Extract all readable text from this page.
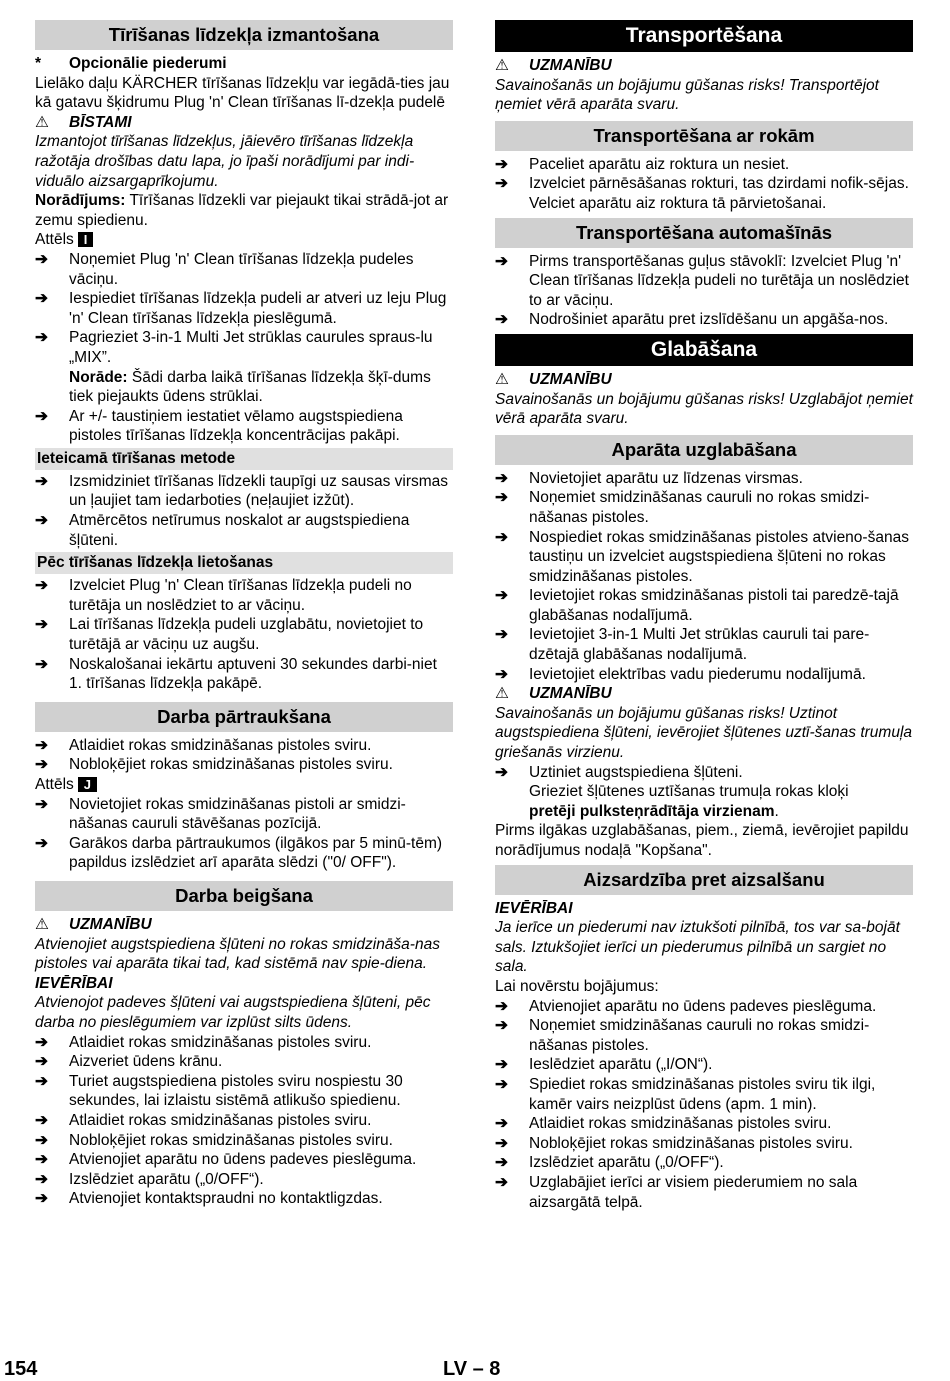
Tīrīšanas līdzekļa izmantošana
*	Opcionālie piederumi

Lielāko daļu KÄRCHER tīrīšanas līdzekļu var iegādā-ties jau kā gatavu šķidrumu Plug 'n' Clean tīrīšanas lī-dzekļa pudelē

⚠	BĪSTAMI

Izmantojot tīrīšanas līdzekļus, jāievēro tīrīšanas līdzekļa ražotāja drošības datu lapa, jo īpaši norādījumi par indi-viduālo aizsargaprīkojumu.

Norādījums: Tīrīšanas līdzekli var piejaukt tikai strādā-jot ar zemu spiedienu.

Attēls I

➔	Noņemiet Plug 'n' Clean tīrīšanas līdzekļa pudeles vāciņu.
➔	Iespiediet tīrīšanas līdzekļa pudeli ar atveri uz leju Plug 'n' Clean tīrīšanas līdzekļa pieslēgumā.
➔	Pagrieziet 3-in-1 Multi Jet strūklas caurules spraus-lu „MIX”.

Norāde: Šādi darba laikā tīrīšanas līdzekļa šķī-dums tiek piejaukts ūdens strūklai.

➔	Ar +/- taustiņiem iestatiet vēlamo augstspiediena pistoles tīrīšanas līdzekļa koncentrācijas pakāpi.
Ieteicamā tīrīšanas metode
➔	Izsmidziniet tīrīšanas līdzekli taupīgi uz sausas virsmas un ļaujiet tam iedarboties (neļaujiet izžūt).
➔	Atmērcētos netīrumus noskalot ar augstspiediena šļūteni.
Pēc tīrīšanas līdzekļa lietošanas
➔	Izvelciet Plug 'n' Clean tīrīšanas līdzekļa pudeli no turētāja un noslēdziet to ar vāciņu.
➔	Lai tīrīšanas līdzekļa pudeli uzglabātu, novietojiet to turētājā ar vāciņu uz augšu.
➔	Noskalošanai iekārtu aptuveni 30 sekundes darbi-niet 1. tīrīšanas līdzekļa pakāpē.
Darba pārtraukšana
➔	Atlaidiet rokas smidzināšanas pistoles sviru.
➔	Nobloķējiet rokas smidzināšanas pistoles sviru.

Attēls J

➔	Novietojiet rokas smidzināšanas pistoli ar smidzi-nāšanas cauruli stāvēšanas pozīcijā.
➔	Garākos darba pārtraukumos (ilgākos par 5 minū-tēm) papildus izslēdziet arī aparāta slēdzi ("0/ OFF").
Darba beigšana
⚠	UZMANĪBU

Atvienojiet augstspiediena šļūteni no rokas smidzināša-nas pistoles vai aparāta tikai tad, kad sistēmā nav spie-diena.

IEVĒRĪBAI

Atvienojot padeves šļūteni vai augstspiediena šļūteni, pēc darba no pieslēgumiem var izplūst silts ūdens.

➔	Atlaidiet rokas smidzināšanas pistoles sviru.
➔	Aizveriet ūdens krānu.
➔	Turiet augstspiediena pistoles sviru nospiestu 30 sekundes, lai izlaistu sistēmā atlikušo spiedienu.
➔	Atlaidiet rokas smidzināšanas pistoles sviru.
➔	Nobloķējiet rokas smidzināšanas pistoles sviru.
➔	Atvienojiet aparātu no ūdens padeves pieslēguma.
➔	Izslēdziet aparātu („0/OFF“).
➔	Atvienojiet kontaktspraudni no kontaktligzdas.
Transportēšana
⚠	UZMANĪBU

Savainošanās un bojājumu gūšanas risks! Transportējot ņemiet vērā aparāta svaru.

Transportēšana ar rokām
➔	Paceliet aparātu aiz roktura un nesiet.
➔	Izvelciet pārnēsāšanas rokturi, tas dzirdami nofik-sējas.

Velciet aparātu aiz roktura tā pārvietošanai.

Transportēšana automašīnās
➔	Pirms transportēšanas guļus stāvoklī: Izvelciet Plug 'n' Clean tīrīšanas līdzekļa pudeli no turētāja un noslēdziet to ar vāciņu.
➔	Nodrošiniet aparātu pret izslīdēšanu un apgāša-nos.
Glabāšana
⚠	UZMANĪBU

Savainošanās un bojājumu gūšanas risks! Uzglabājot ņemiet vērā aparāta svaru.

Aparāta uzglabāšana
➔	Novietojiet aparātu uz līdzenas virsmas.
➔	Noņemiet smidzināšanas cauruli no rokas smidzi-nāšanas pistoles.
➔	Nospiediet rokas smidzināšanas pistoles atvieno-šanas taustiņu un izvelciet augstspiediena šļūteni no rokas smidzināšanas pistoles.
➔	Ievietojiet rokas smidzināšanas pistoli tai paredzē-tajā glabāšanas nodalījumā.
➔	Ievietojiet 3-in-1 Multi Jet strūklas cauruli tai pare-dzētajā glabāšanas nodalījumā.
➔	Ievietojiet elektrības vadu piederumu nodalījumā.
⚠	UZMANĪBU

Savainošanās un bojājumu gūšanas risks! Uztinot augstspiediena šļūteni, ievērojiet šļūtenes uztī-šanas trumuļa griešanās virzienu.

➔	Uztiniet augstspiediena šļūteni.

Grieziet šļūtenes uztīšanas trumuļa rokas kloķi
pretēji pulksteņrādītāja virzienam.

Pirms ilgākas uzglabāšanas, piem., ziemā, ievērojiet papildu norādījumus nodaļā "Kopšana".

Aizsardzība pret aizsalšanu
IEVĒRĪBAI

Ja ierīce un piederumi nav iztukšoti pilnībā, tos var sa-bojāt sals. Iztukšojiet ierīci un piederumus pilnībā un sargiet no sala.

Lai novērstu bojājumus:

➔	Atvienojiet aparātu no ūdens padeves pieslēguma.
➔	Noņemiet smidzināšanas cauruli no rokas smidzi-nāšanas pistoles.
➔	Ieslēdziet aparātu („I/ON“).
➔	Spiediet rokas smidzināšanas pistoles sviru tik ilgi, kamēr vairs neizplūst ūdens (apm. 1 min).
➔	Atlaidiet rokas smidzināšanas pistoles sviru.
➔	Nobloķējiet rokas smidzināšanas pistoles sviru.
➔	Izslēdziet aparātu („0/OFF“).
➔	Uzglabājiet ierīci ar visiem piederumiem no sala aizsargātā telpā.
154	LV – 8
